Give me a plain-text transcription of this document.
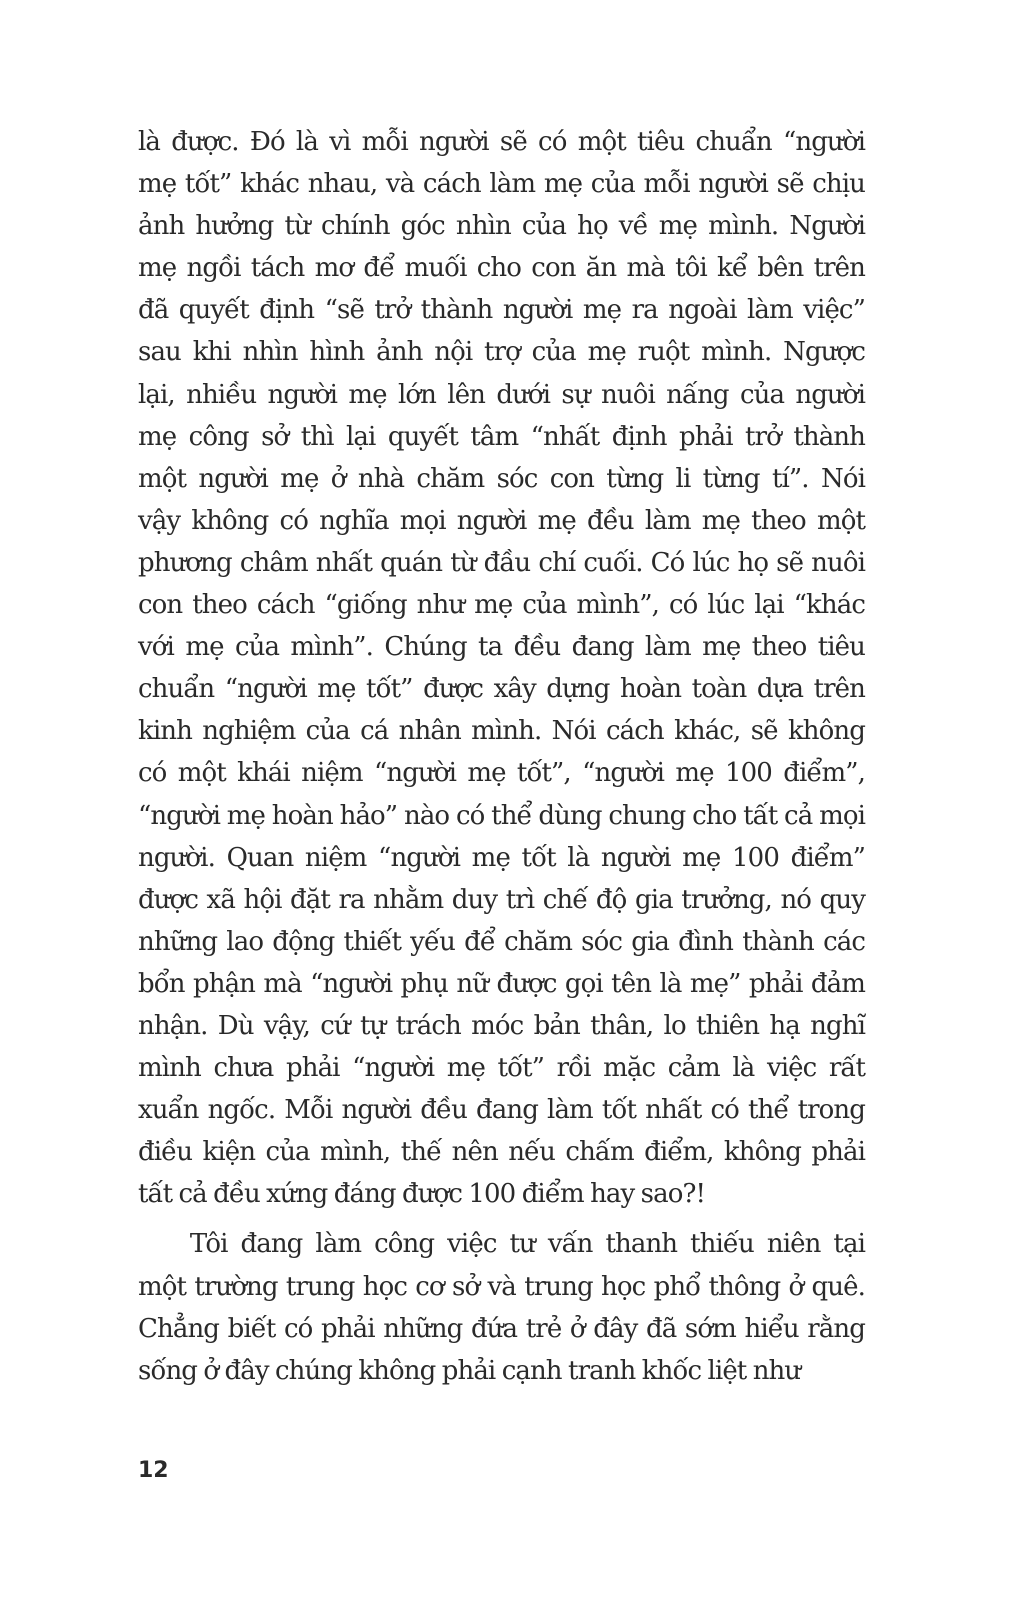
là được. Đó là vì mỗi người sẽ có một tiêu chuẩn “người
mẹ tốt” khác nhau, và cách làm mẹ của mỗi người sẽ chịu
ảnh hưởng từ chính góc nhìn của họ về mẹ mình. Người
mẹ ngồi tách mơ để muối cho con ăn mà tôi kể bên trên
đã quyết định “sẽ trở thành người mẹ ra ngoài làm việc”
sau khi nhìn hình ảnh nội trợ của mẹ ruột mình. Ngược
lại, nhiều người mẹ lớn lên dưới sự nuôi nấng của người
mẹ công sở thì lại quyết tâm “nhất định phải trở thành
một người mẹ ở nhà chăm sóc con từng li từng tí”. Nói
vậy không có nghĩa mọi người mẹ đều làm mẹ theo một
phương châm nhất quán từ đầu chí cuối. Có lúc họ sẽ nuôi
con theo cách “giống như mẹ của mình”, có lúc lại “khác
với mẹ của mình”. Chúng ta đều đang làm mẹ theo tiêu
chuẩn “người mẹ tốt” được xây dựng hoàn toàn dựa trên
kinh nghiệm của cá nhân mình. Nói cách khác, sẽ không
có một khái niệm “người mẹ tốt”, “người mẹ 100 điểm”,
“người mẹ hoàn hảo” nào có thể dùng chung cho tất cả mọi
người. Quan niệm “người mẹ tốt là người mẹ 100 điểm”
được xã hội đặt ra nhằm duy trì chế độ gia trưởng, nó quy
những lao động thiết yếu để chăm sóc gia đình thành các
bổn phận mà “người phụ nữ được gọi tên là mẹ” phải đảm
nhận. Dù vậy, cứ tự trách móc bản thân, lo thiên hạ nghĩ
mình chưa phải “người mẹ tốt” rồi mặc cảm là việc rất
xuẩn ngốc. Mỗi người đều đang làm tốt nhất có thể trong
điều kiện của mình, thế nên nếu chấm điểm, không phải
tất cả đều xứng đáng được 100 điểm hay sao?!
Tôi đang làm công việc tư vấn thanh thiếu niên tại
một trường trung học cơ sở và trung học phổ thông ở quê.
Chẳng biết có phải những đứa trẻ ở đây đã sớm hiểu rằng
sống ở đây chúng không phải cạnh tranh khốc liệt như
12
